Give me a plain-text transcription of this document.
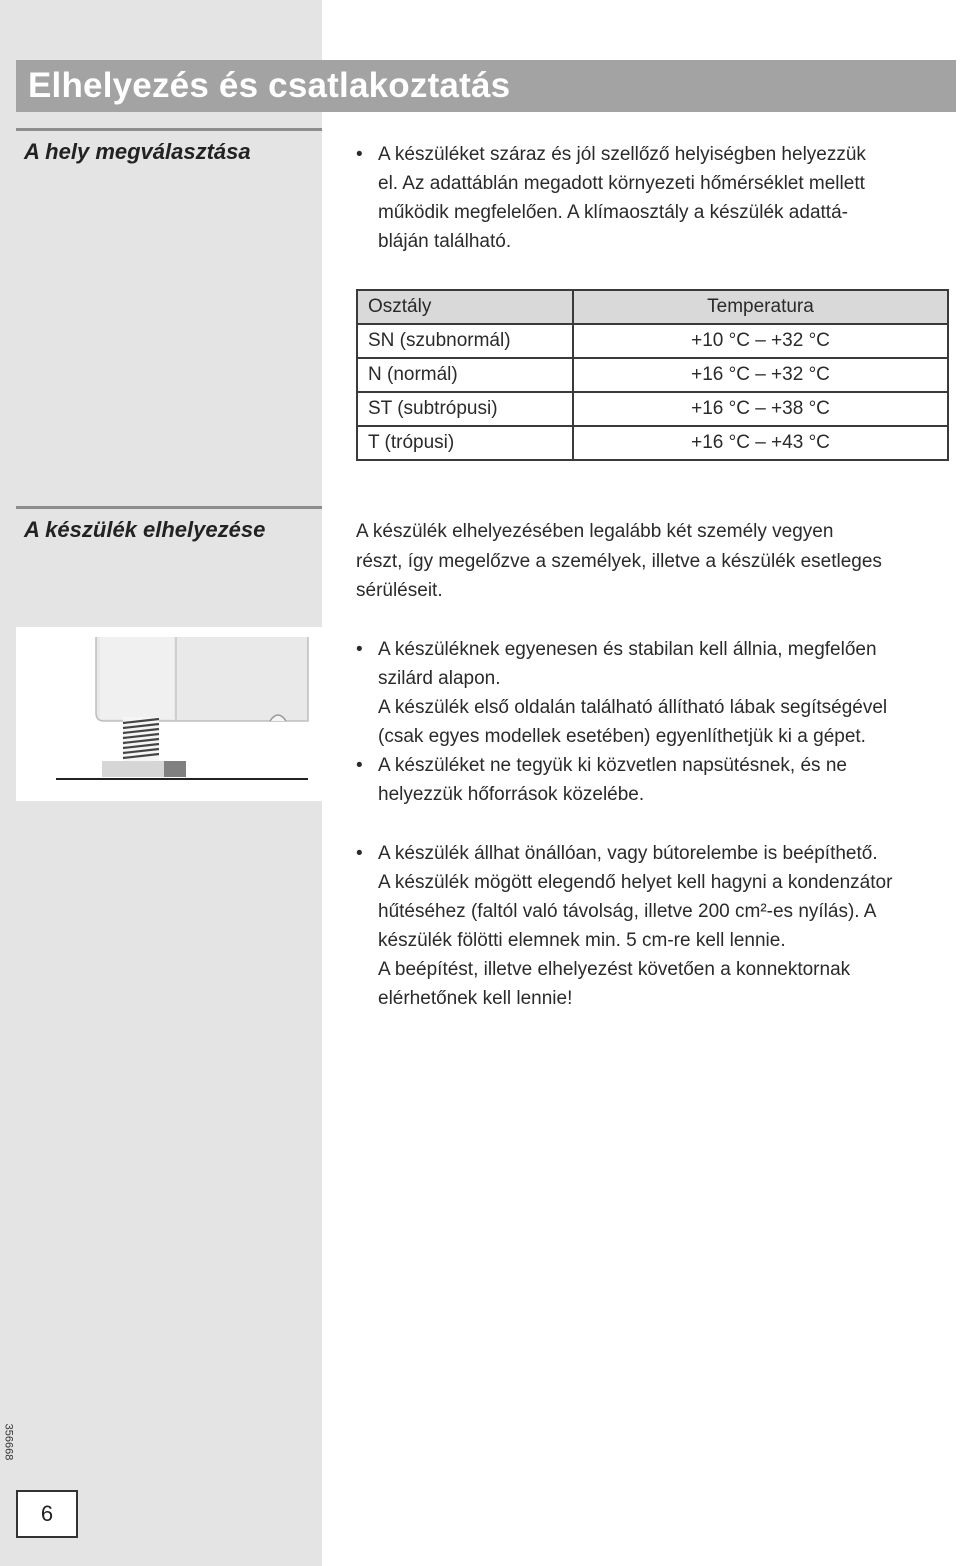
Elhelyezés és csatlakoztatás
A hely megválasztása	• A készüléket száraz és jól szellőző helyiségben helyezzük
el. Az adattáblán megadott környezeti hőmérséklet mellett
működik megfelelően. A klímaosztály a készülék adattá-
bláján található.
Osztály	Temperatura
SN (szubnormál)	+10 °C – +32 °C
N (normál)	+16 °C – +32 °C
ST (subtrópusi)	+16 °C – +38 °C
T (trópusi)	+16 °C – +43 °C
A készülék elhelyezése	A készülék elhelyezésében legalább két személy vegyen
részt, így megelőzve a személyek, illetve a készülék esetleges
sérüléseit.
• A készüléknek egyenesen és stabilan kell állnia, megfelően
szilárd alapon.
A készülék első oldalán található állítható lábak segítségével
(csak egyes modellek esetében) egyenlíthetjük ki a gépet.
• A készüléket ne tegyük ki közvetlen napsütésnek, és ne
helyezzük hőforrások közelébe.
• A készülék állhat önállóan, vagy bútorelembe is beépíthető.
A készülék mögött elegendő helyet kell hagyni a kondenzátor
hűtéséhez (faltól való távolság, illetve 200 cm²-es nyílás). A
készülék fölötti elemnek min. 5 cm-re kell lennie.
A beépítést, illetve elhelyezést követően a konnektornak
elérhetőnek kell lennie!
356668
6
